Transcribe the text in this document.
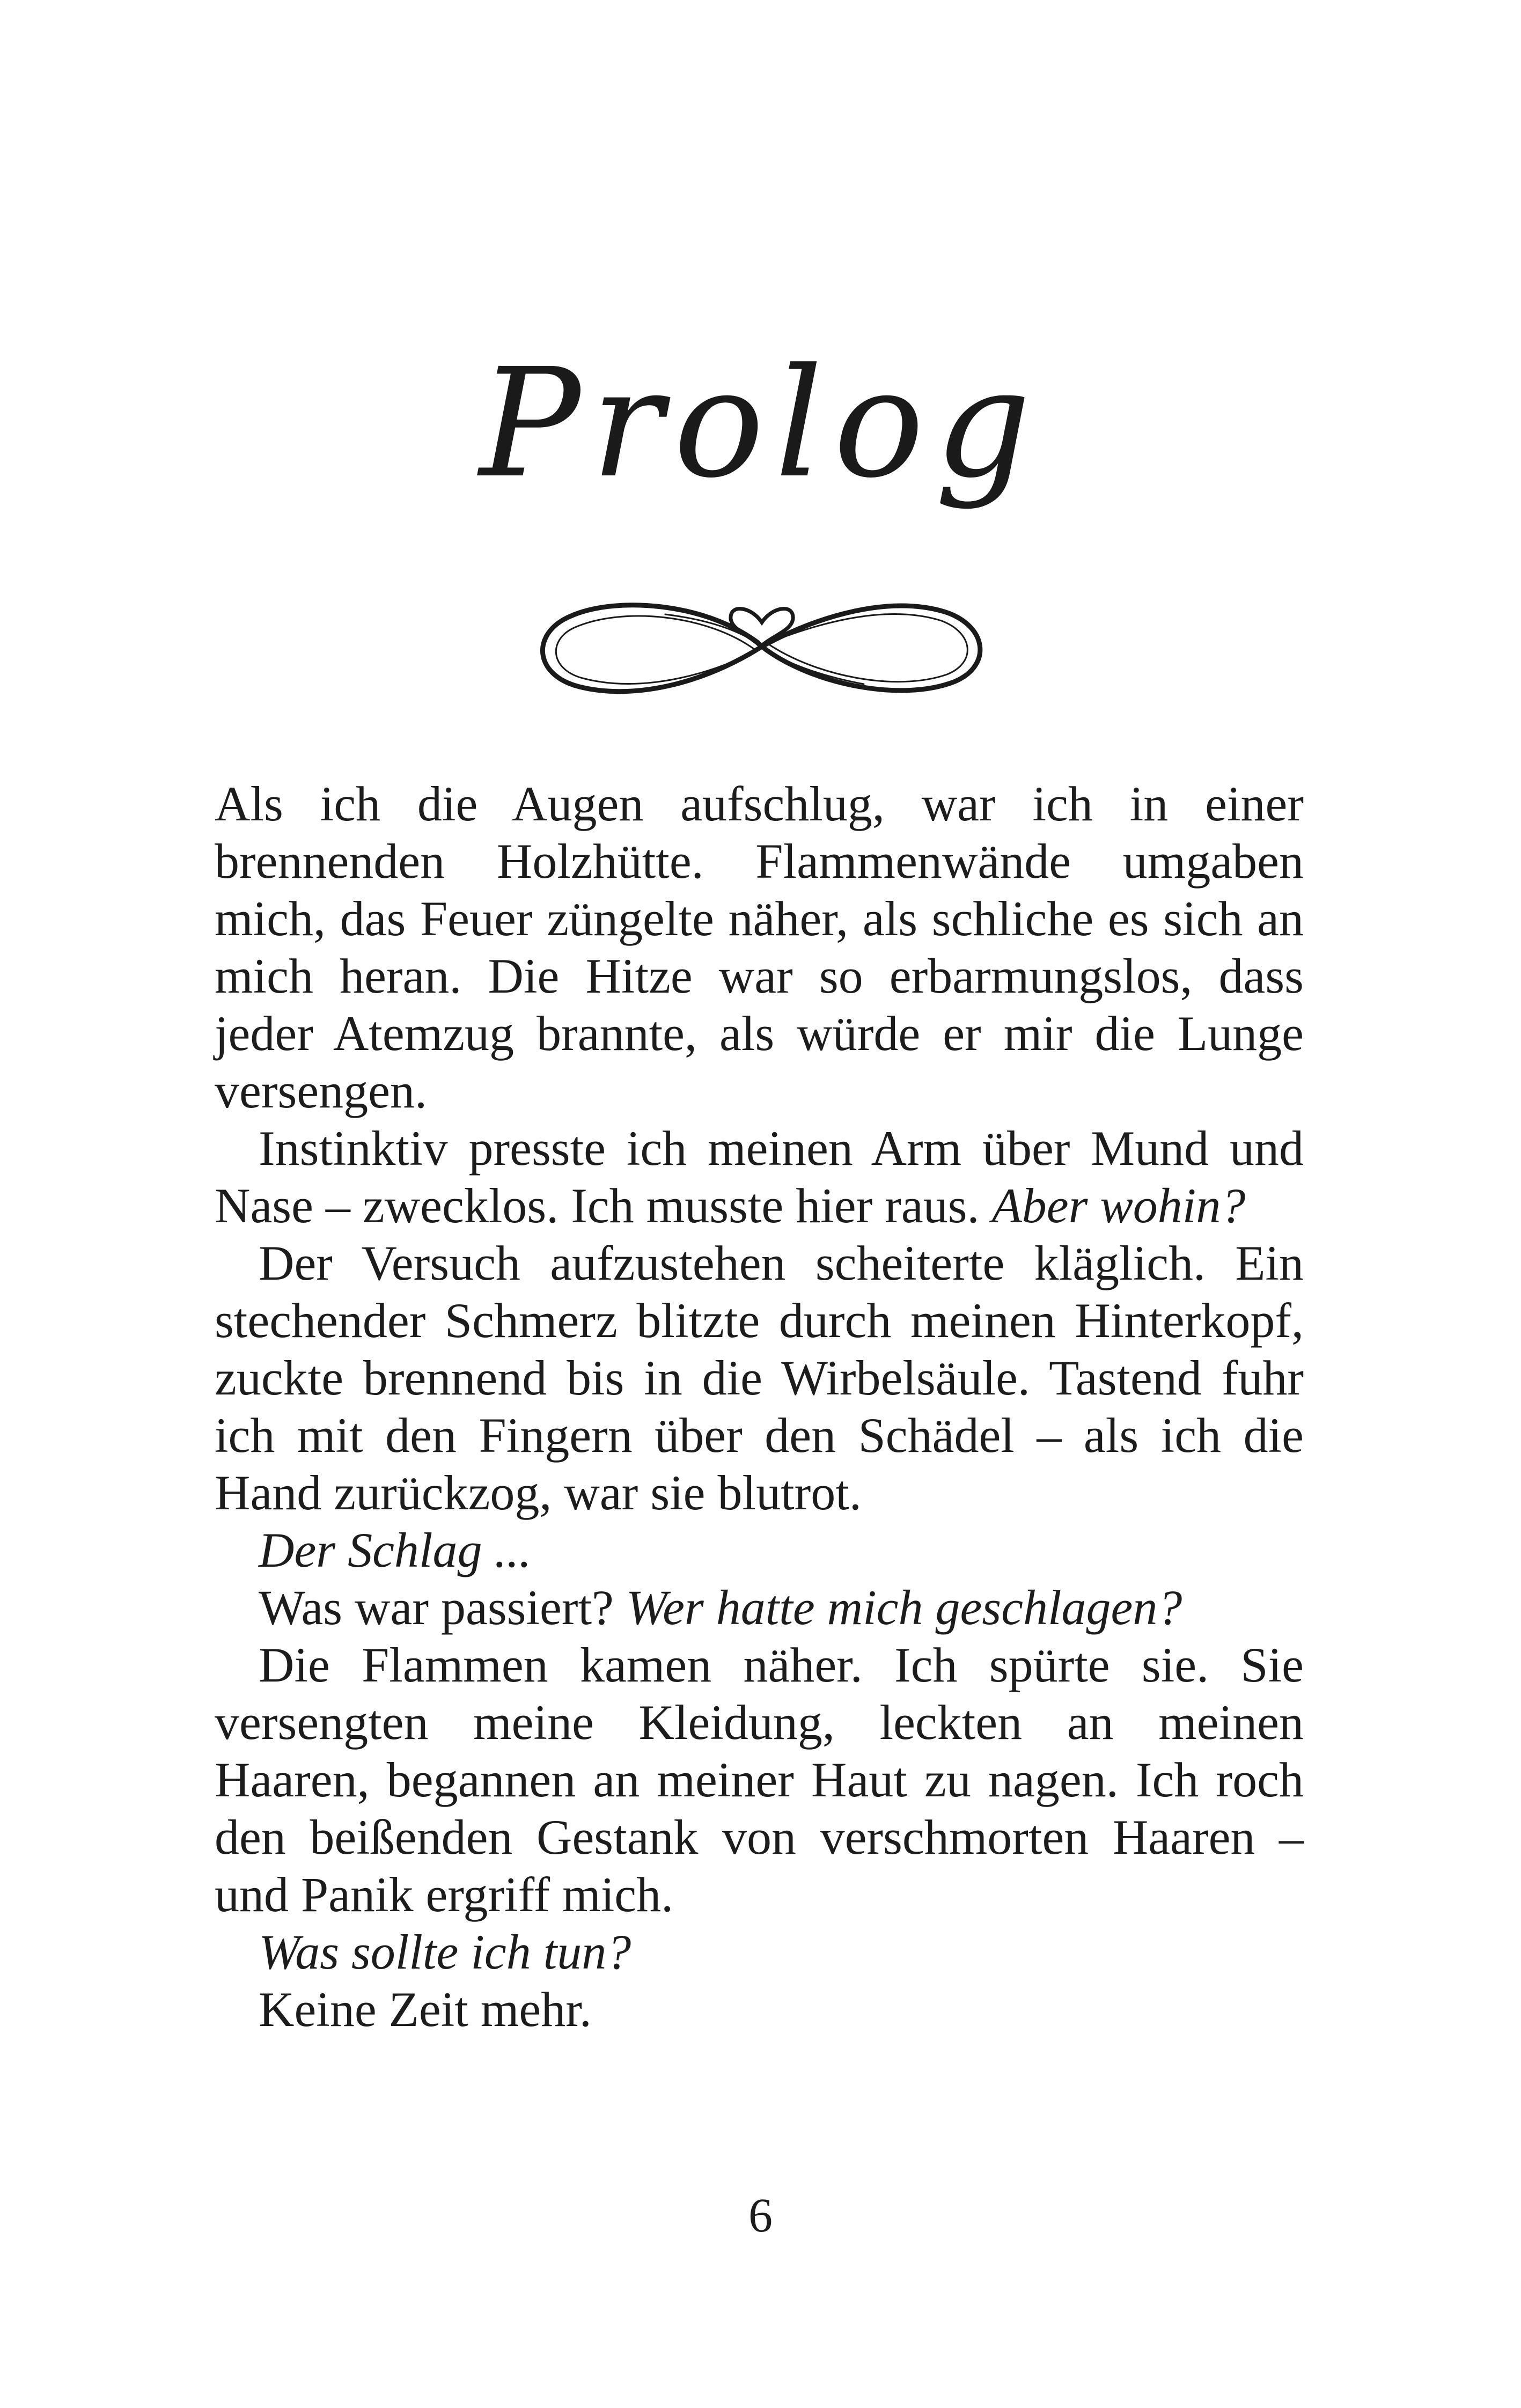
Prolog

Als ich die Augen aufschlug, war ich in einer brennenden Holzhütte. Flammenwände umgaben mich, das Feuer züngelte näher, als schliche es sich an mich heran. Die Hitze war so erbarmungslos, dass jeder Atemzug brannte, als würde er mir die Lunge versengen.

Instinktiv presste ich meinen Arm über Mund und Nase – zwecklos. Ich musste hier raus. Aber wohin?

Der Versuch aufzustehen scheiterte kläglich. Ein stechender Schmerz blitzte durch meinen Hinterkopf, zuckte brennend bis in die Wirbelsäule. Tastend fuhr ich mit den Fingern über den Schädel – als ich die Hand zurückzog, war sie blutrot.

Der Schlag ...

Was war passiert? Wer hatte mich geschlagen?

Die Flammen kamen näher. Ich spürte sie. Sie versengten meine Kleidung, leckten an meinen Haaren, begannen an meiner Haut zu nagen. Ich roch den beißenden Gestank von verschmorten Haaren – und Panik ergriff mich.

Was sollte ich tun?

Keine Zeit mehr.

6
